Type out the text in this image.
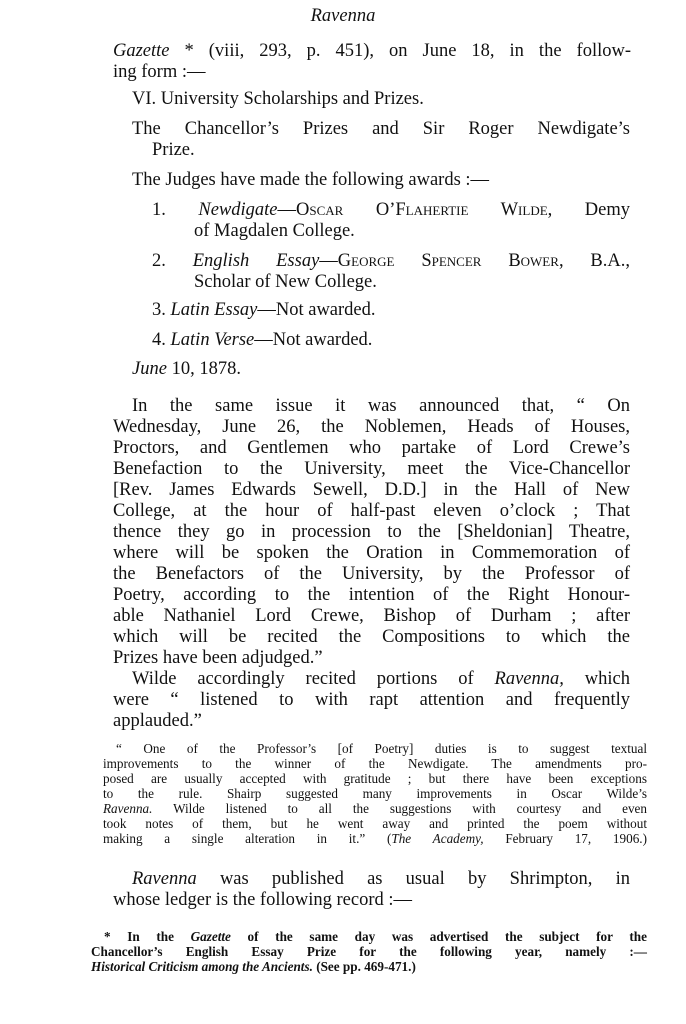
Ravenna

Gazette * (viii, 293, p. 451), on June 18, in the follow-

ing form :—

VI. University Scholarships and Prizes.

The Chancellor’s Prizes and Sir Roger Newdigate’s

Prize.

The Judges have made the following awards :—

1. Newdigate—Oscar O’Flahertie Wilde, Demy

of Magdalen College.

2. English Essay—George Spencer Bower, B.A.,

Scholar of New College.

3. Latin Essay—Not awarded.

4. Latin Verse—Not awarded.

June 10, 1878.

In the same issue it was announced that, “ On

Wednesday, June 26, the Noblemen, Heads of Houses,

Proctors, and Gentlemen who partake of Lord Crewe’s

Benefaction to the University, meet the Vice-Chancellor

[Rev. James Edwards Sewell, D.D.] in the Hall of New

College, at the hour of half-past eleven o’clock ; That

thence they go in procession to the [Sheldonian] Theatre,

where will be spoken the Oration in Commemoration of

the Benefactors of the University, by the Professor of

Poetry, according to the intention of the Right Honour-

able Nathaniel Lord Crewe, Bishop of Durham ; after

which will be recited the Compositions to which the

Prizes have been adjudged.”

Wilde accordingly recited portions of Ravenna, which

were “ listened to with rapt attention and frequently

applauded.”

“ One of the Professor’s [of Poetry] duties is to suggest textual

improvements to the winner of the Newdigate. The amendments pro-

posed are usually accepted with gratitude ; but there have been exceptions

to the rule. Shairp suggested many improvements in Oscar Wilde’s

Ravenna. Wilde listened to all the suggestions with courtesy and even

took notes of them, but he went away and printed the poem without

making a single alteration in it.” (The Academy, February 17, 1906.)

Ravenna was published as usual by Shrimpton, in

whose ledger is the following record :—

* In the Gazette of the same day was advertised the subject for the

Chancellor’s English Essay Prize for the following year, namely :—

Historical Criticism among the Ancients. (See pp. 469-471.)
